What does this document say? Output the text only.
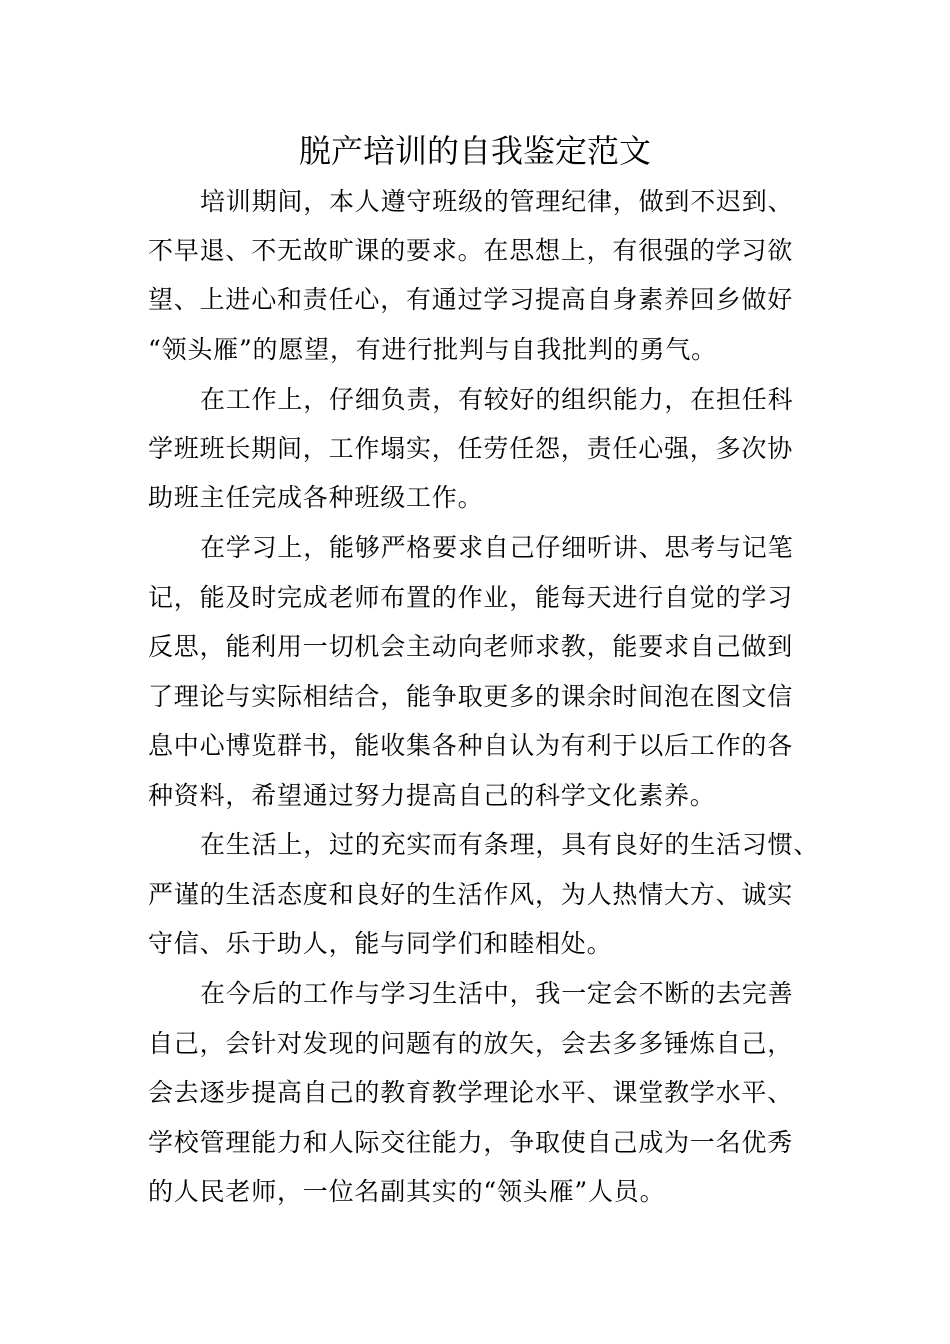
脱产培训的自我鉴定范文
培训期间，本人遵守班级的管理纪律，做到不迟到、
不早退、不无故旷课的要求。在思想上，有很强的学习欲
望、上进心和责任心，有通过学习提高自身素养回乡做好
“领头雁”的愿望，有进行批判与自我批判的勇气。
在工作上，仔细负责，有较好的组织能力，在担任科
学班班长期间，工作塌实，任劳任怨，责任心强，多次协
助班主任完成各种班级工作。
在学习上，能够严格要求自己仔细听讲、思考与记笔
记，能及时完成老师布置的作业，能每天进行自觉的学习
反思，能利用一切机会主动向老师求教，能要求自己做到
了理论与实际相结合，能争取更多的课余时间泡在图文信
息中心博览群书，能收集各种自认为有利于以后工作的各
种资料，希望通过努力提高自己的科学文化素养。
在生活上，过的充实而有条理，具有良好的生活习惯、
严谨的生活态度和良好的生活作风，为人热情大方、诚实
守信、乐于助人，能与同学们和睦相处。
在今后的工作与学习生活中，我一定会不断的去完善
自己，会针对发现的问题有的放矢，会去多多锤炼自己，
会去逐步提高自己的教育教学理论水平、课堂教学水平、
学校管理能力和人际交往能力，争取使自己成为一名优秀
的人民老师，一位名副其实的“领头雁”人员。
